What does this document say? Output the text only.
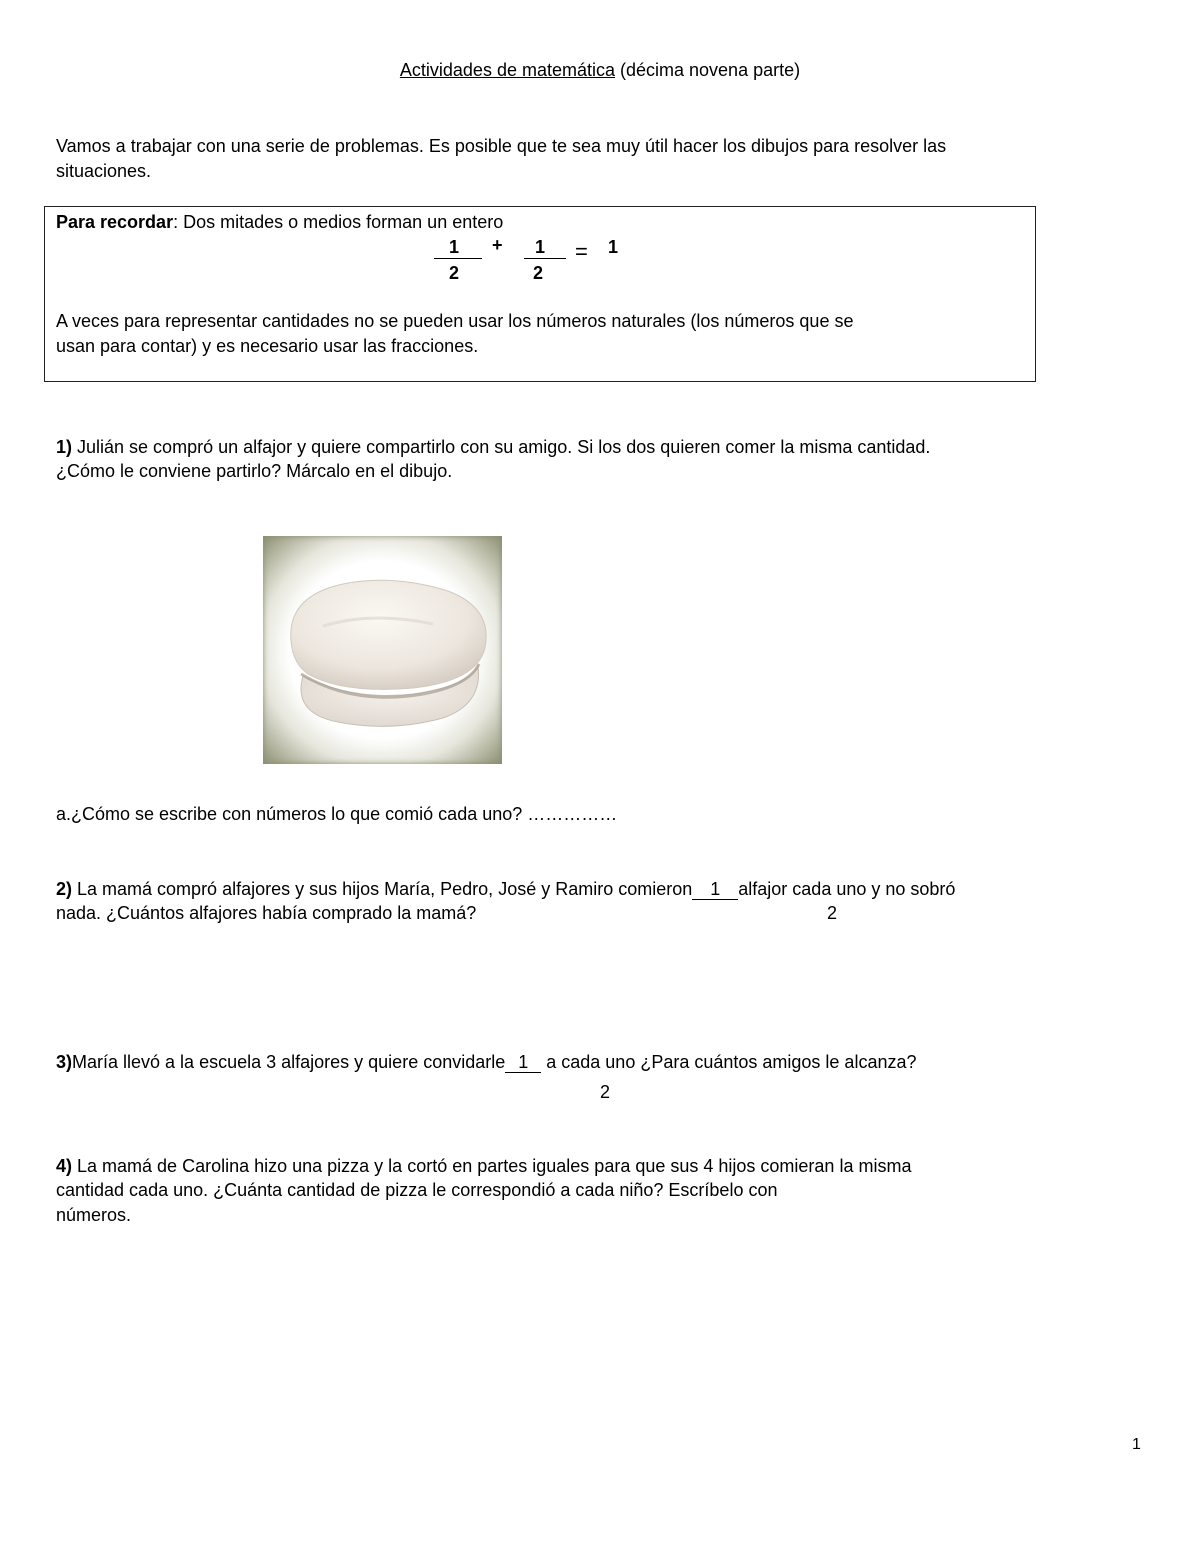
Actividades de matemática (décima novena parte)
Vamos a trabajar con una serie de problemas. Es posible que te sea muy útil hacer los dibujos para resolver las
situaciones.
Para recordar: Dos mitades o medios forman un entero
1
2
+ 1
2
= 1
A veces para representar cantidades no se pueden usar los números naturales (los números que se
usan para contar) y es necesario usar las fracciones.
1) Julián se compró un alfajor y quiere compartirlo con su amigo. Si los dos quieren comer la misma cantidad.
¿Cómo le conviene partirlo? Márcalo en el dibujo.
a.¿Cómo se escribe con números lo que comió cada uno? ……………
2) La mamá compró alfajores y sus hijos María, Pedro, José y Ramiro comieron 1 alfajor cada uno y no sobró
nada. ¿Cuántos alfajores había comprado la mamá?	2
3)María llevó a la escuela 3 alfajores y quiere convidarle 1 a cada uno ¿Para cuántos amigos le alcanza?
2
4) La mamá de Carolina hizo una pizza y la cortó en partes iguales para que sus 4 hijos comieran la misma
cantidad cada uno. ¿Cuánta cantidad de pizza le correspondió a cada niño? Escríbelo con
números.
1
